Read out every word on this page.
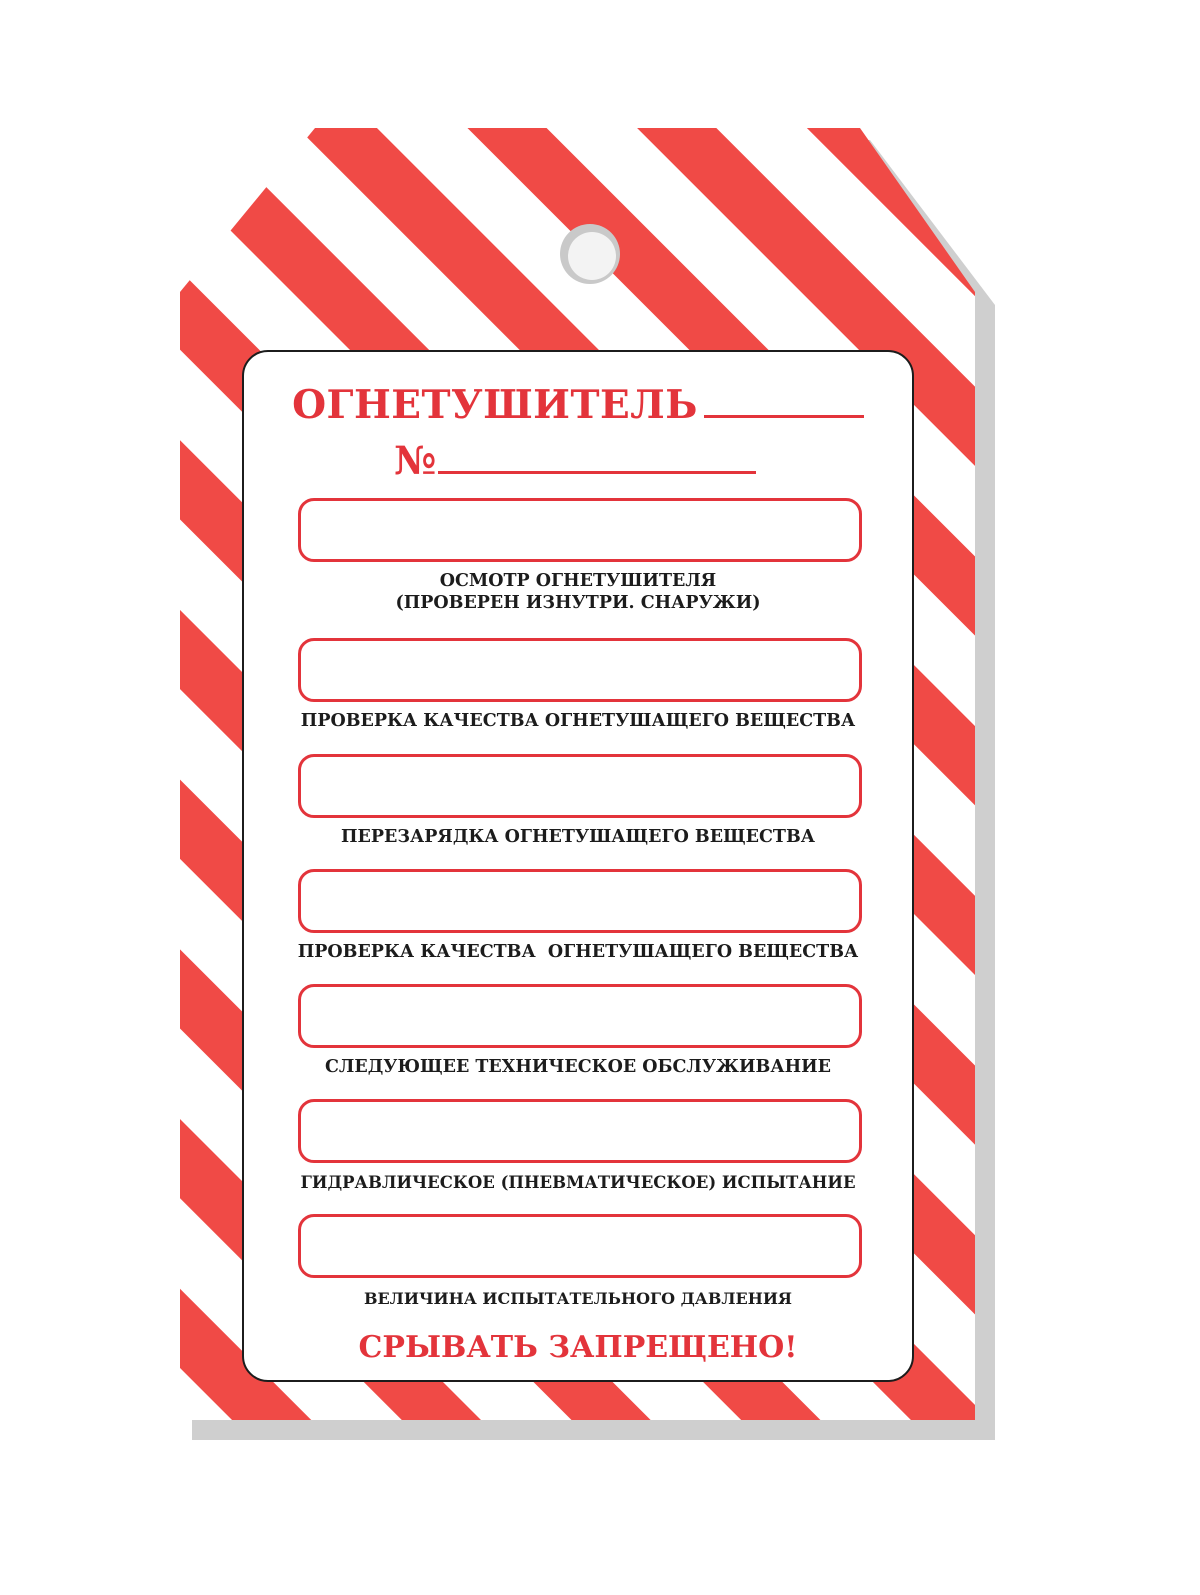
ОГНЕТУШИТЕЛЬ
№
ОСМОТР ОГНЕТУШИТЕЛЯ
(ПРОВЕРЕН ИЗНУТРИ. СНАРУЖИ)
ПРОВЕРКА КАЧЕСТВА ОГНЕТУШАЩЕГО ВЕЩЕСТВА
ПЕРЕЗАРЯДКА ОГНЕТУШАЩЕГО ВЕЩЕСТВА
ПРОВЕРКА КАЧЕСТВА  ОГНЕТУШАЩЕГО ВЕЩЕСТВА
СЛЕДУЮЩЕЕ ТЕХНИЧЕСКОЕ ОБСЛУЖИВАНИЕ
ГИДРАВЛИЧЕСКОЕ (ПНЕВМАТИЧЕСКОЕ) ИСПЫТАНИЕ
ВЕЛИЧИНА ИСПЫТАТЕЛЬНОГО ДАВЛЕНИЯ
СРЫВАТЬ ЗАПРЕЩЕНО!
